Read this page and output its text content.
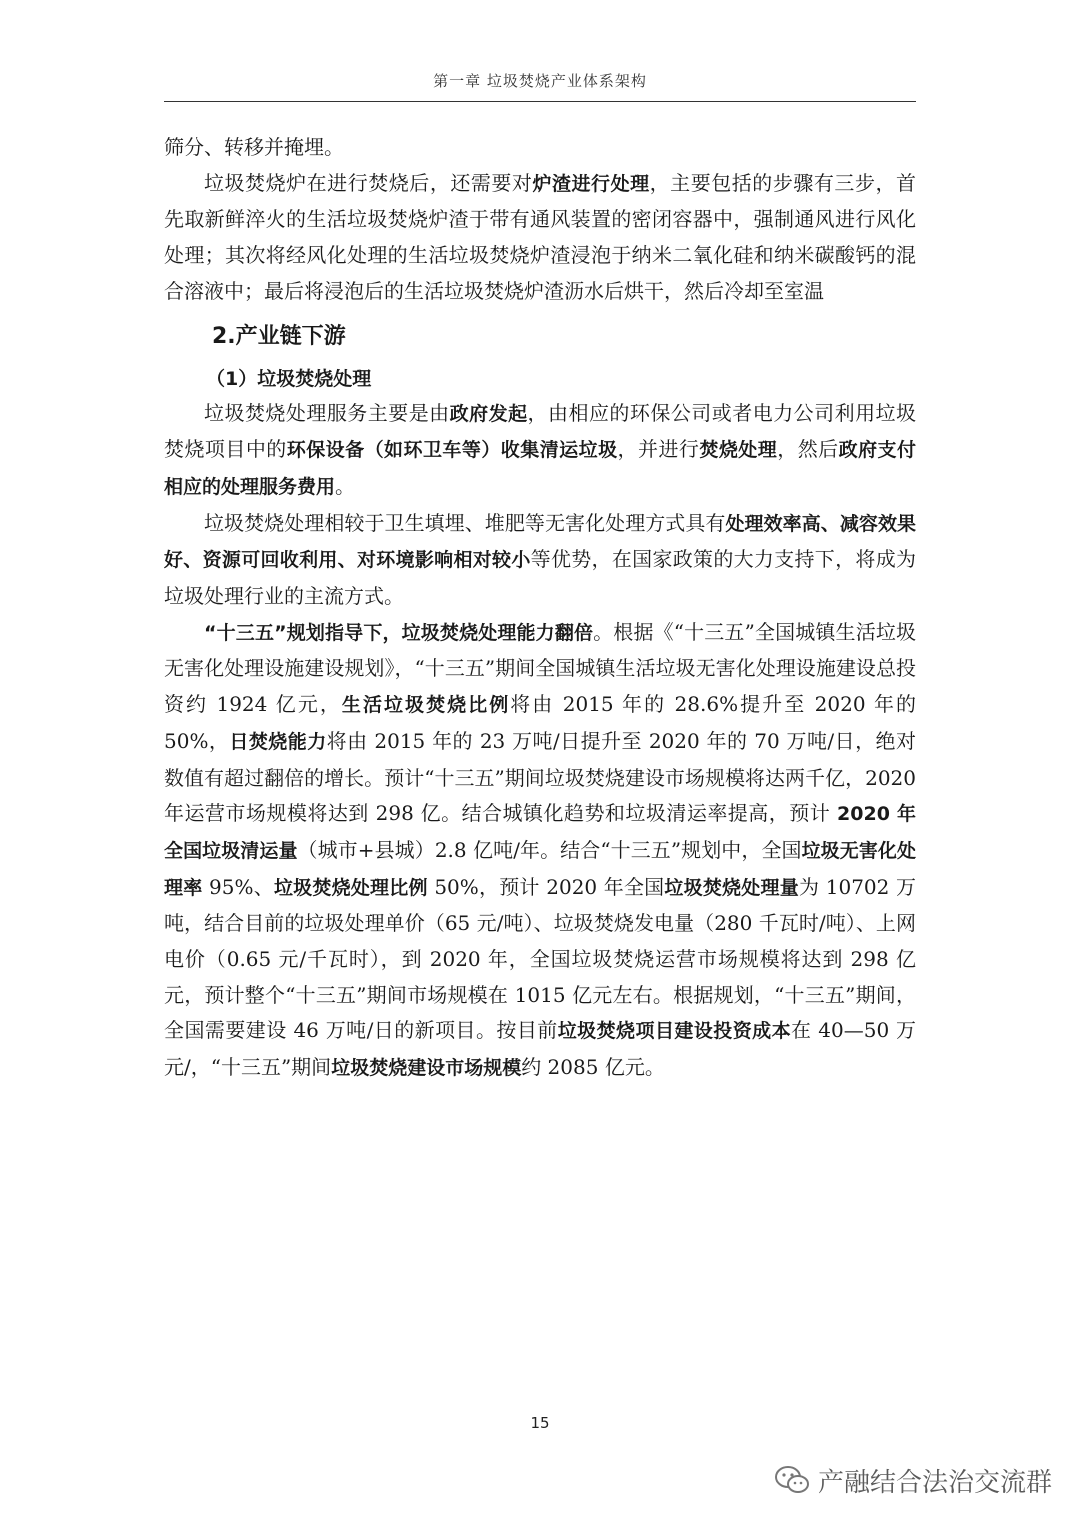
第一章 垃圾焚烧产业体系架构

筛分、转移并掩埋。

垃圾焚烧炉在进行焚烧后，还需要对炉渣进行处理，主要包括的步骤有三步，首先取新鲜淬火的生活垃圾焚烧炉渣于带有通风装置的密闭容器中，强制通风进行风化处理；其次将经风化处理的生活垃圾焚烧炉渣浸泡于纳米二氧化硅和纳米碳酸钙的混合溶液中；最后将浸泡后的生活垃圾焚烧炉渣沥水后烘干，然后冷却至室温

2.产业链下游

（1）垃圾焚烧处理

垃圾焚烧处理服务主要是由政府发起，由相应的环保公司或者电力公司利用垃圾焚烧项目中的环保设备（如环卫车等）收集清运垃圾，并进行焚烧处理，然后政府支付相应的处理服务费用。

垃圾焚烧处理相较于卫生填埋、堆肥等无害化处理方式具有处理效率高、减容效果好、资源可回收利用、对环境影响相对较小等优势，在国家政策的大力支持下，将成为垃圾处理行业的主流方式。

“十三五”规划指导下，垃圾焚烧处理能力翻倍。根据《“十三五”全国城镇生活垃圾无害化处理设施建设规划》，“十三五”期间全国城镇生活垃圾无害化处理设施建设总投资约 1924 亿元，生活垃圾焚烧比例将由 2015 年的 28.6%提升至 2020 年的 50%，日焚烧能力将由 2015 年的 23 万吨/日提升至 2020 年的 70 万吨/日，绝对数值有超过翻倍的增长。预计“十三五”期间垃圾焚烧建设市场规模将达两千亿，2020 年运营市场规模将达到 298 亿。结合城镇化趋势和垃圾清运率提高，预计 2020 年全国垃圾清运量（城市+县城）2.8 亿吨/年。结合“十三五”规划中，全国垃圾无害化处理率 95%、垃圾焚烧处理比例 50%，预计 2020 年全国垃圾焚烧处理量为 10702 万吨，结合目前的垃圾处理单价（65 元/吨）、垃圾焚烧发电量（280 千瓦时/吨）、上网电价（0.65 元/千瓦时），到 2020 年，全国垃圾焚烧运营市场规模将达到 298 亿元，预计整个“十三五”期间市场规模在 1015 亿元左右。根据规划，“十三五”期间，全国需要建设 46 万吨/日的新项目。按目前垃圾焚烧项目建设投资成本在 40—50 万元/，“十三五”期间垃圾焚烧建设市场规模约 2085 亿元。

15
产融结合法治交流群
